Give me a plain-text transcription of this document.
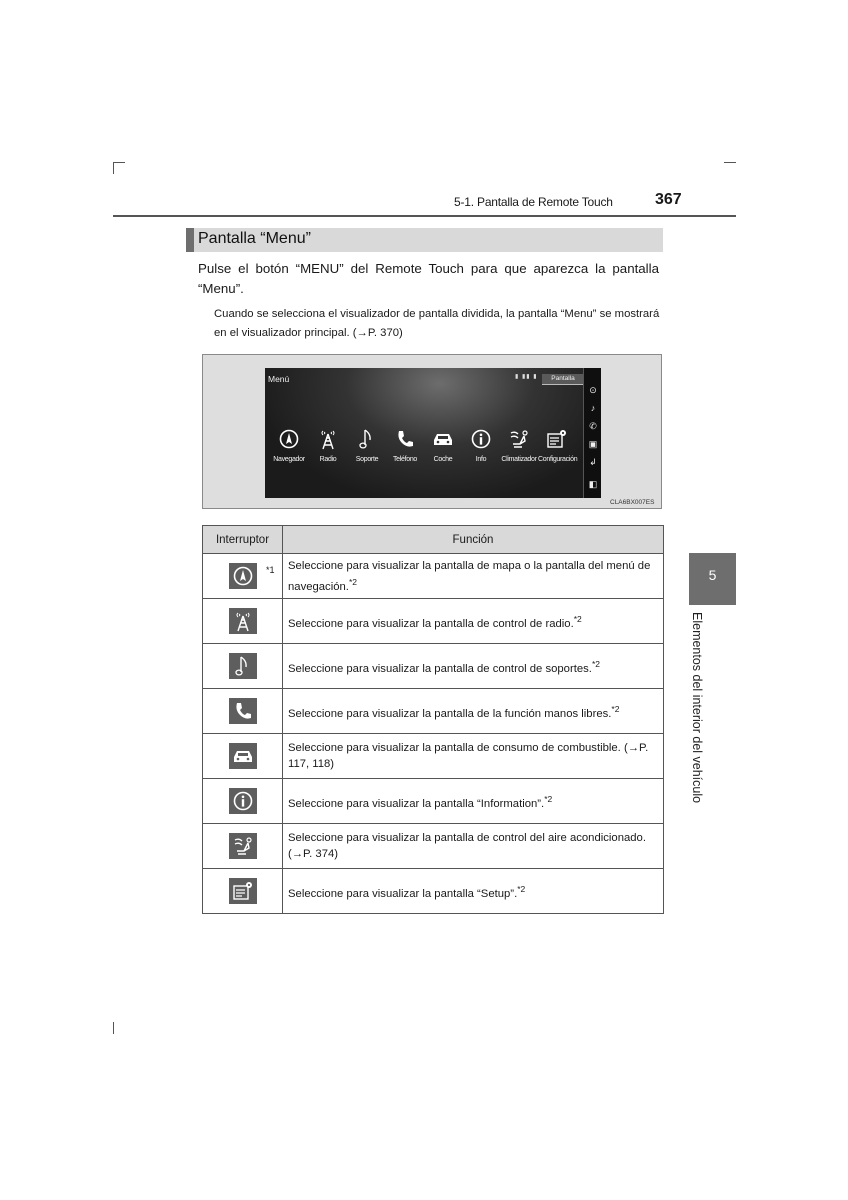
5-1. Pantalla de Remote Touch	367
Pantalla “Menu”
Pulse el botón “MENU” del Remote Touch para que aparezca la pantalla “Menu”.
Cuando se selecciona el visualizador de pantalla dividida, la pantalla “Menu” se mostrará en el visualizador principal. (→P. 370)
Menú	▮ ▮▮ ▮	Pantalla
⊙
♪
✆
▣
↲
◧
Navegador	Radio	Soporte	Teléfono	Coche	Info	Climatizador Configuración
CLA6BX007ES
Interruptor	Función

*1	Seleccione para visualizar la pantalla de mapa o la pantalla del menú de navegación.$^{*2}$

	Seleccione para visualizar la pantalla de control de radio.$^{*2}$

	Seleccione para visualizar la pantalla de control de soportes.$^{*2}$

	Seleccione para visualizar la pantalla de la función manos libres.$^{*2}$

	Seleccione para visualizar la pantalla de consumo de combustible. (→P. 117, 118)

	Seleccione para visualizar la pantalla “Information”.$^{*2}$

	Seleccione para visualizar la pantalla de control del aire acondicionado. (→P. 374)

	Seleccione para visualizar la pantalla “Setup”.$^{*2}$
5
Elementos del interior del vehículo
